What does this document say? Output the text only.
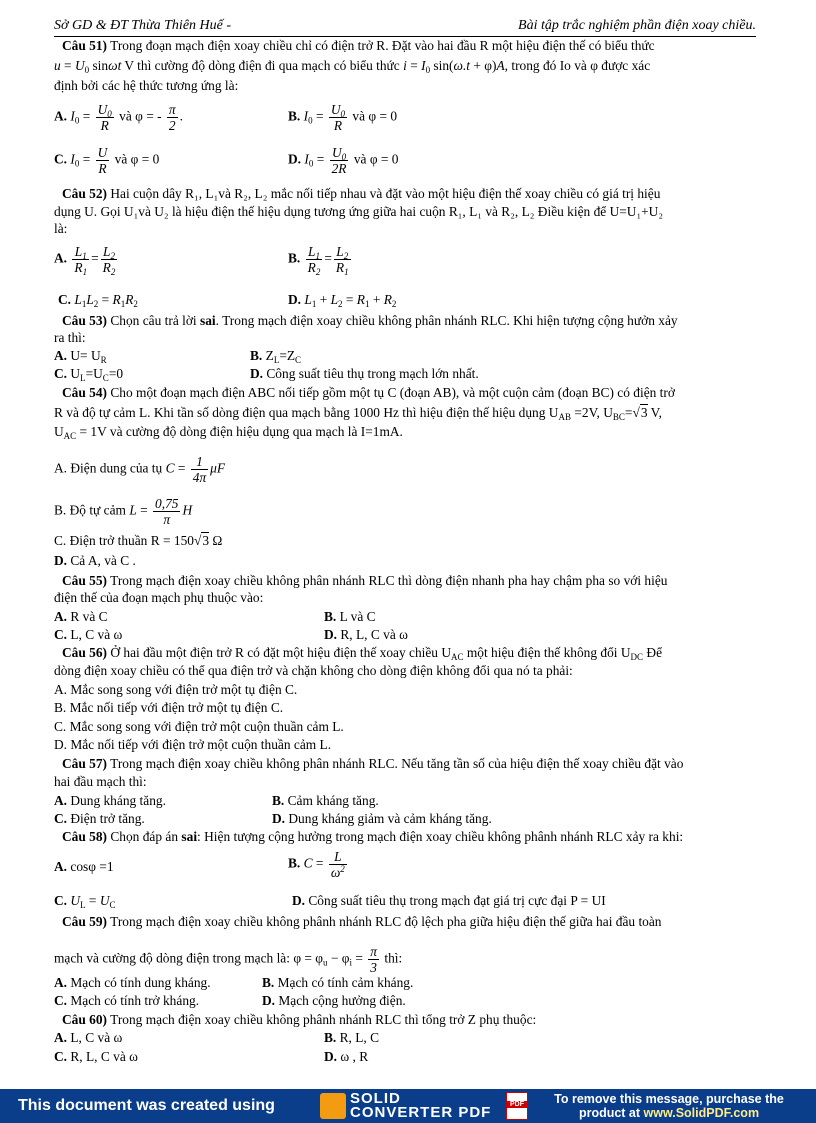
Sở GD & ĐT Thừa Thiên Huế -	Bài tập trắc nghiệm phần điện xoay chiều.
Câu 51) Trong đoạn mạch điện xoay chiều chỉ có điện trở R. Đặt vào hai đầu R một hiệu điện thế có biểu thức
$u = U_0$ sinωt V thì cường độ dòng điện đi qua mạch có biểu thức $i = I_0$ sin(ω.t + φ)A, trong đó Io và φ được xác
định bởi các hệ thức tương ứng là:
A. $I_0 = \frac{U_0}{R}$ và φ = - $\frac{\pi}{2}$ .	B. $I_0 = \frac{U_0}{R}$ và φ = 0
C. $I_0 = \frac{U}{R}$ và φ = 0	D. $I_0 = \frac{U_0}{2R}$ và φ = 0
Câu 52) Hai cuộn dây R₁, L₁và R₂, L₂ mắc nối tiếp nhau và đặt vào một hiệu điện thế xoay chiều có giá trị hiệu
dụng U. Gọi U₁và U₂ là hiệu điện thế hiệu dụng tương ứng giữa hai cuộn R₁, L₁ và R₂, L₂ Điều kiện để U=U₁+U₂
là:
A. $\frac{L_1}{R_1} = \frac{L_2}{R_2}$	B. $\frac{L_1}{R_2} = \frac{L_2}{R_1}$
C. $L_1L_2 = R_1R_2$	D. $L_1 + L_2 = R_1 + R_2$
Câu 53) Chọn câu trả lời sai. Trong mạch điện xoay chiều không phân nhánh RLC. Khi hiện tượng cộng hưởn xảy
ra thì:
A. $U= U_R$	B. $Z_L=Z_C$
C. $U_L=U_C=0$	D. Công suất tiêu thụ trong mạch lớn nhất.
Câu 54) Cho một đoạn mạch điện ABC nối tiếp gồm một tụ C (đoạn AB), và một cuộn cảm (đoạn BC) có điện trở
R và độ tự cảm L. Khi tần số dòng điện qua mạch bằng 1000 Hz thì hiệu điện thế hiệu dụng $U_{AB} =2V$, $U_{BC}=√3$ V,
$U_{AC} = 1V$ và cường độ dòng điện hiệu dụng qua mạch là I=1mA.
A. Điện dung của tụ $C = \frac{1}{4\pi}$ μF
B. Độ tự cảm $L = \frac{0,75}{\pi}$ H
C. Điện trở thuần R = 150√3 Ω
D. Cả A, và C .
Câu 55) Trong mạch điện xoay chiều không phân nhánh RLC thì dòng điện nhanh pha hay chậm pha so với hiệu
điện thế của đoạn mạch phụ thuộc vào:
A. R và C	B. L và C
C. L, C và ω	D. R, L, C và ω
Câu 56) Ở hai đầu một điện trở R có đặt một hiệu điện thế xoay chiều $U_{AC}$ một hiệu điện thế không đổi $U_{DC}$ Để
dòng điện xoay chiều có thể qua điện trở và chặn không cho dòng điện không đổi qua nó ta phải:
A. Mắc song song với điện trở một tụ điện C.
B. Mắc nối tiếp với điện trở một tụ điện C.
C. Mắc song song với điện trở một cuộn thuần cảm L.
D. Mắc nối tiếp với điện trở một cuộn thuần cảm L.
Câu 57) Trong mạch điện xoay chiều không phân nhánh RLC. Nếu tăng tần số của hiệu điện thế xoay chiều đặt vào
hai đầu mạch thì:
A. Dung kháng tăng.	B. Cảm kháng tăng.
C. Điện trở tăng.	D. Dung kháng giảm và cảm kháng tăng.
Câu 58) Chọn đáp án sai: Hiện tượng cộng hưởng trong mạch điện xoay chiều không phânh nhánh RLC xảy ra khi:
A. cosφ =1	B. $C = \frac{L}{\omega^2}$
C. $U_L = U_C$	D. Công suất tiêu thụ trong mạch đạt giá trị cực đại P = UI
Câu 59) Trong mạch điện xoay chiều không phânh nhánh RLC độ lệch pha giữa hiệu điện thế giữa hai đầu toàn
mạch và cường độ dòng điện trong mạch là: $\varphi = \varphi_u - \varphi_i = \frac{\pi}{3}$ thì:
A. Mạch có tính dung kháng.	B. Mạch có tính cảm kháng.
C. Mạch có tính trở kháng.	D. Mạch cộng hưởng điện.
Câu 60) Trong mạch điện xoay chiều không phânh nhánh RLC thì tổng trở Z phụ thuộc:
A. L, C và ω	B. R, L, C
C. R, L, C và ω	D. ω , R
This document was created using	SOLID
CONVERTER PDF	PDF	To remove this message, purchase the
product at www.SolidPDF.com
